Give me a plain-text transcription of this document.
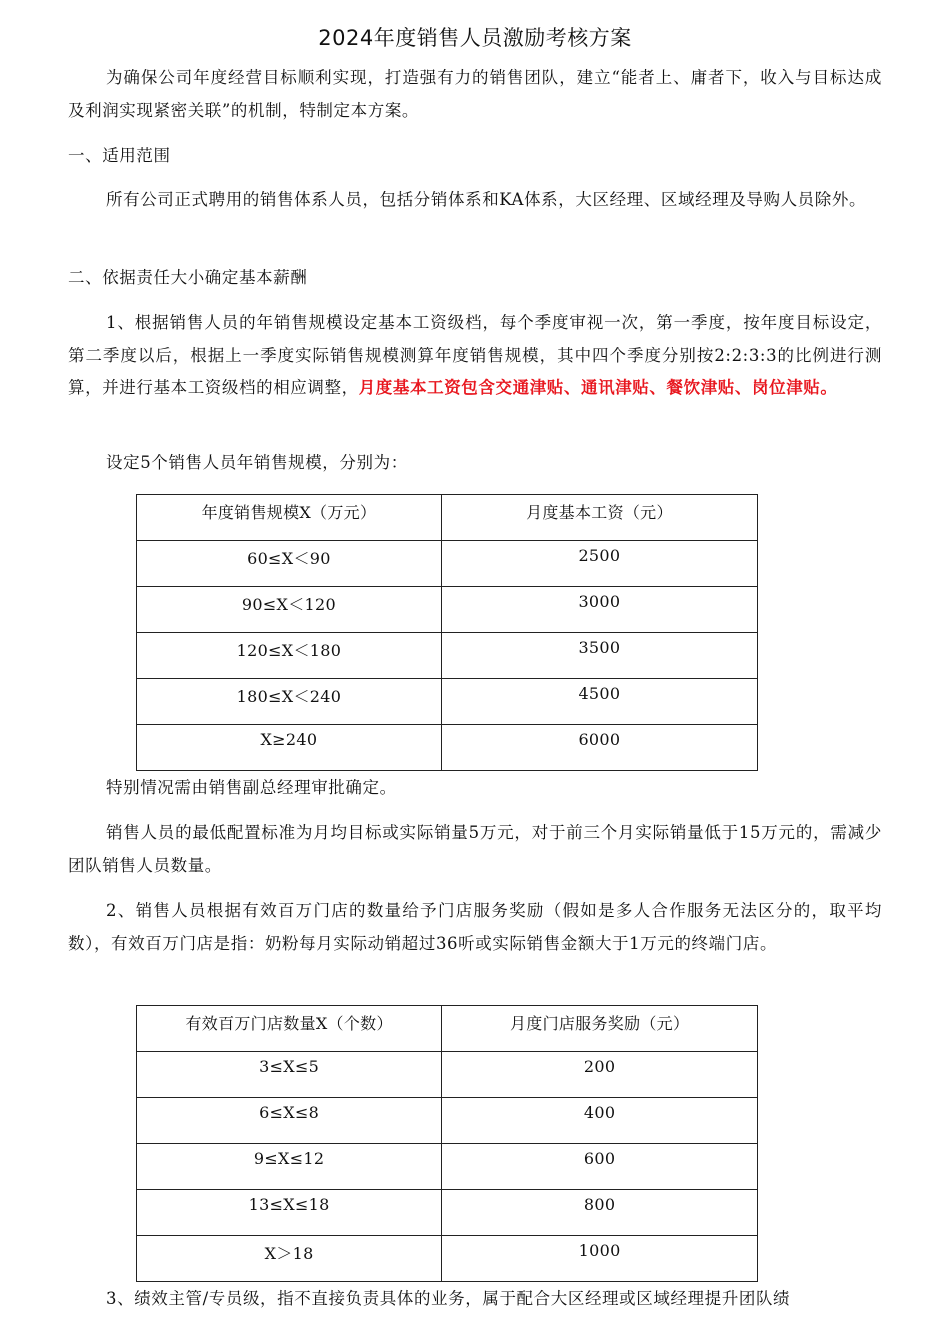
2024年度销售人员激励考核方案

为确保公司年度经营目标顺利实现，打造强有力的销售团队，建立“能者上、庸者下，收入与目标达成及利润实现紧密关联”的机制，特制定本方案。

一、适用范围

所有公司正式聘用的销售体系人员，包括分销体系和KA体系，大区经理、区域经理及导购人员除外。

二、依据责任大小确定基本薪酬

1、根据销售人员的年销售规模设定基本工资级档，每个季度审视一次，第一季度，按年度目标设定，第二季度以后，根据上一季度实际销售规模测算年度销售规模，其中四个季度分别按2:2:3:3的比例进行测算，并进行基本工资级档的相应调整，月度基本工资包含交通津贴、通讯津贴、餐饮津贴、岗位津贴。

设定5个销售人员年销售规模，分别为：

年度销售规模X（万元）	月度基本工资（元）
60≤X＜90	2500
90≤X＜120	3000
120≤X＜180	3500
180≤X＜240	4500
X≥240	6000

特别情况需由销售副总经理审批确定。

销售人员的最低配置标准为月均目标或实际销量5万元，对于前三个月实际销量低于15万元的，需减少团队销售人员数量。

2、销售人员根据有效百万门店的数量给予门店服务奖励（假如是多人合作服务无法区分的，取平均数），有效百万门店是指：奶粉每月实际动销超过36听或实际销售金额大于1万元的终端门店。

有效百万门店数量X（个数）	月度门店服务奖励（元）
3≤X≤5	200
6≤X≤8	400
9≤X≤12	600
13≤X≤18	800
X＞18	1000

3、绩效主管/专员级，指不直接负责具体的业务，属于配合大区经理或区域经理提升团队绩
